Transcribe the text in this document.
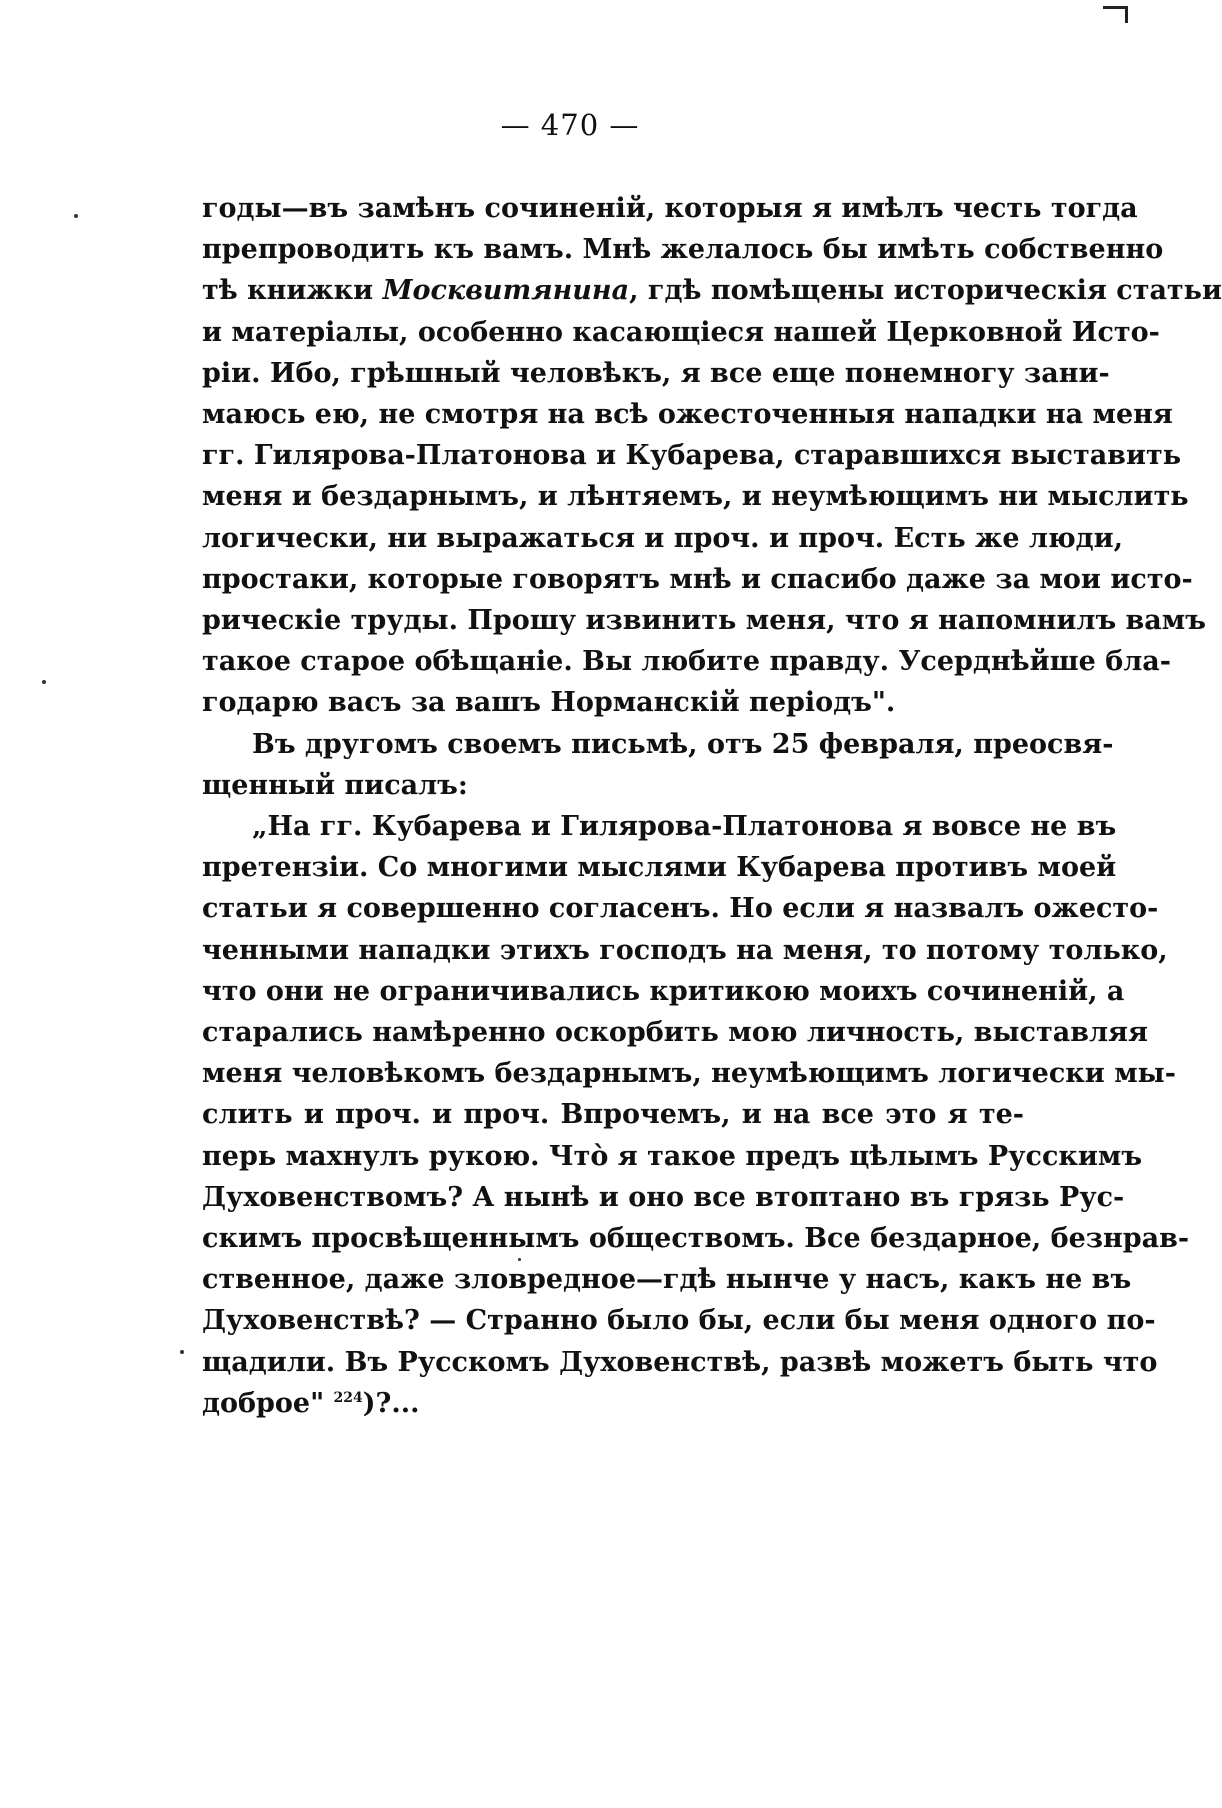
— 470 —
годы—въ замѣнъ сочиненій, которыя я имѣлъ честь тогда
препроводить къ вамъ. Мнѣ желалось бы имѣть собственно
тѣ книжки Москвитянина, гдѣ помѣщены историческія статьи
и матеріалы, особенно касающіеся нашей Церковной Исто-
ріи. Ибо, грѣшный человѣкъ, я все еще понемногу зани-
маюсь ею, не смотря на всѣ ожесточенныя нападки на меня
гг. Гилярова-Платонова и Кубарева, старавшихся выставить
меня и бездарнымъ, и лѣнтяемъ, и неумѣющимъ ни мыслить
логически, ни выражаться и проч. и проч. Есть же люди,
простаки, которые говорятъ мнѣ и спасибо даже за мои исто-
рическіе труды. Прошу извинить меня, что я напомнилъ вамъ
такое старое обѣщаніе. Вы любите правду. Усерднѣйше бла-
годарю васъ за вашъ Норманскій періодъ".
Въ другомъ своемъ письмѣ, отъ 25 февраля, преосвя-
щенный писалъ:
„На гг. Кубарева и Гилярова-Платонова я вовсе не въ
претензіи. Со многими мыслями Кубарева противъ моей
статьи я совершенно согласенъ. Но если я назвалъ ожесто-
ченными нападки этихъ господъ на меня, то потому только,
что они не ограничивались критикою моихъ сочиненій, а
старались намѣренно оскорбить мою личность, выставляя
меня человѣкомъ бездарнымъ, неумѣющимъ логически мы-
слить и проч. и проч. Впрочемъ, и на все это я те-
перь махнулъ рукою. Чтò я такое предъ цѣлымъ Русскимъ
Духовенствомъ? А нынѣ и оно все втоптано въ грязь Рус-
скимъ просвѣщеннымъ обществомъ. Все бездарное, безнрав-
ственное, даже зловредное—гдѣ нынче у насъ, какъ не въ
Духовенствѣ? — Странно было бы, если бы меня одного по-
щадили. Въ Русскомъ Духовенствѣ, развѣ можетъ быть что
доброе" $^{224}$)?...
